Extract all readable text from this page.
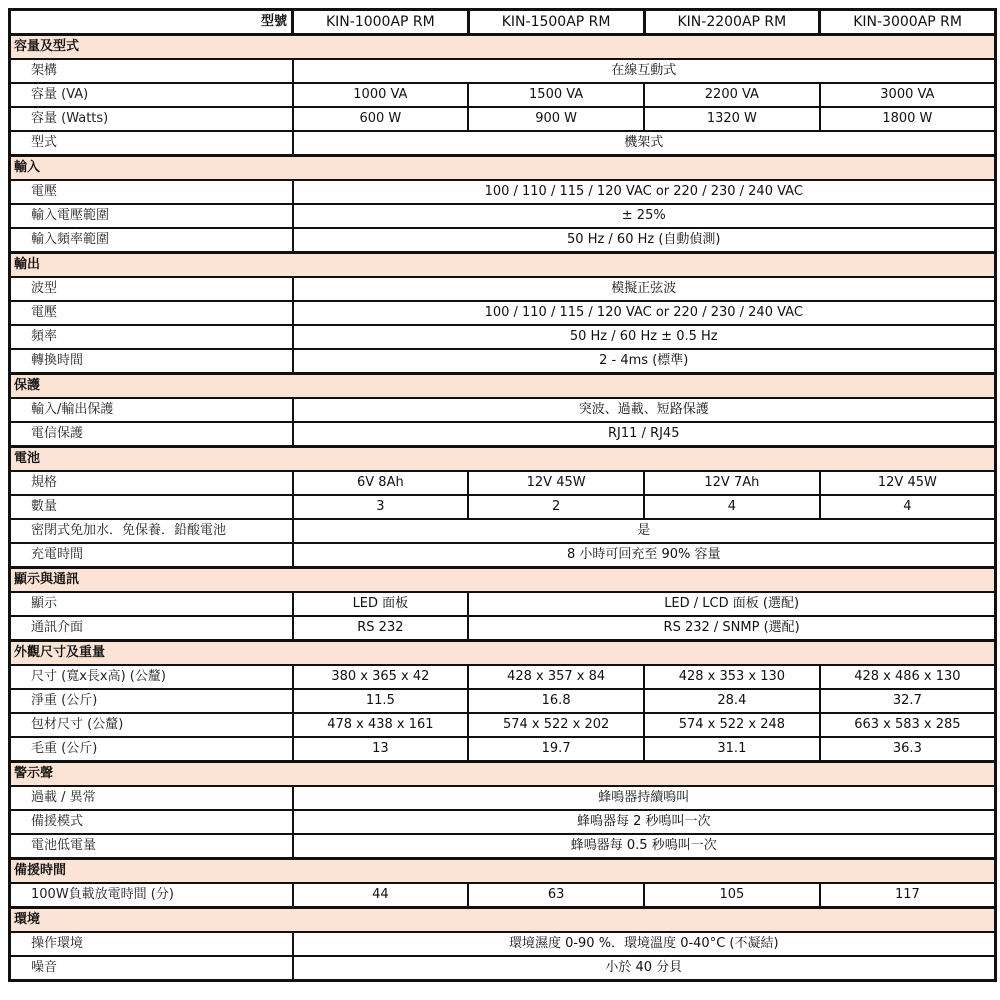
型號	KIN-1000AP RM	KIN-1500AP RM	KIN-2200AP RM	KIN-3000AP RM
容量及型式				
架構	在線互動式			
容量 (VA)	1000 VA	1500 VA	2200 VA	3000 VA
容量 (Watts)	600 W	900 W	1320 W	1800 W
型式	機架式			
輸入				
電壓	100 / 110 / 115 / 120 VAC or 220 / 230 / 240 VAC			
輸入電壓範圍	± 25%			
輸入頻率範圍	50 Hz / 60 Hz (自動偵測)			
輸出				
波型	模擬正弦波			
電壓	100 / 110 / 115 / 120 VAC or 220 / 230 / 240 VAC			
頻率	50 Hz / 60 Hz ± 0.5 Hz			
轉換時間	2 - 4ms (標準)			
保護				
輸入/輸出保護	突波、過載、短路保護			
電信保護	RJ11 / RJ45			
電池				
規格	6V 8Ah	12V 45W	12V 7Ah	12V 45W
數量	3	2	4	4
密閉式免加水．免保養．鉛酸電池	是			
充電時間	8 小時可回充至 90% 容量			
顯示與通訊				
顯示	LED 面板	LED / LCD 面板 (選配)		
通訊介面	RS 232	RS 232 / SNMP (選配)		
外觀尺寸及重量				
尺寸 (寬x長x高) (公釐)	380 x 365 x 42	428 x 357 x 84	428 x 353 x 130	428 x 486 x 130
淨重 (公斤)	11.5	16.8	28.4	32.7
包材尺寸 (公釐)	478 x 438 x 161	574 x 522 x 202	574 x 522 x 248	663 x 583 x 285
毛重 (公斤)	13	19.7	31.1	36.3
警示聲				
過載 / 異常	蜂鳴器持續鳴叫			
備援模式	蜂鳴器每 2 秒鳴叫一次			
電池低電量	蜂鳴器每 0.5 秒鳴叫一次			
備援時間				
100W負載放電時間 (分)	44	63	105	117
環境				
操作環境	環境濕度 0-90 %．環境溫度 0-40°C (不凝結)			
噪音	小於 40 分貝			
